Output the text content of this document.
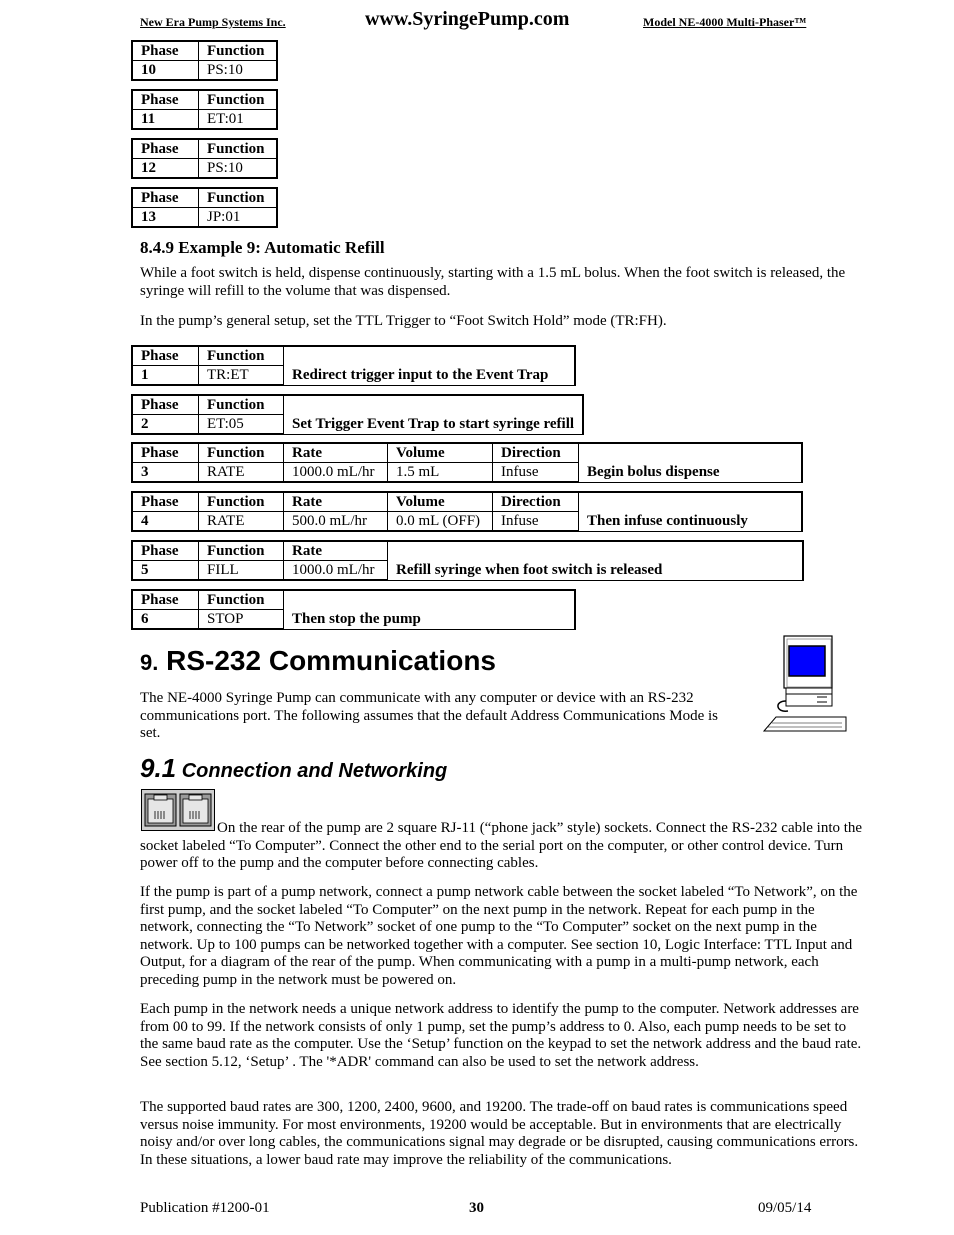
New Era Pump Systems Inc.	www.SyringePump.com	Model NE-4000 Multi-Phaser™
Phase	Function
10	PS:10
Phase	Function
11	ET:01
Phase	Function
12	PS:10
Phase	Function
13	JP:01
8.4.9 Example 9: Automatic Refill

While a foot switch is held, dispense continuously, starting with a 1.5 mL bolus. When the foot switch is released, the syringe will refill to the volume that was dispensed.

In the pump’s general setup, set the TTL Trigger to “Foot Switch Hold” mode (TR:FH).

Phase	Function	Redirect trigger input to the Event Trap
1	TR:ET	
Phase	Function	Set Trigger Event Trap to start syringe refill
2	ET:05	
Phase	Function	Rate	Volume	Direction	Begin bolus dispense
3	RATE	1000.0 mL/hr	1.5 mL	Infuse	
Phase	Function	Rate	Volume	Direction	Then infuse continuously
4	RATE	500.0 mL/hr	0.0 mL (OFF)	Infuse	
Phase	Function	Rate	Refill syringe when foot switch is released
5	FILL	1000.0 mL/hr	
Phase	Function	Then stop the pump
6	STOP	
9. RS-232 Communications

The NE-4000 Syringe Pump can communicate with any computer or device with an RS-232 communications port. The following assumes that the default Address Communications Mode is set.

9.1 Connection and Networking

On the rear of the pump are 2 square RJ-11 (“phone jack” style) sockets. Connect the RS-232 cable into the socket labeled “To Computer”. Connect the other end to the serial port on the computer, or other control device. Turn power off to the pump and the computer before connecting cables.

If the pump is part of a pump network, connect a pump network cable between the socket labeled “To Network”, on the first pump, and the socket labeled “To Computer” on the next pump in the network. Repeat for each pump in the network, connecting the “To Network” socket of one pump to the “To Computer” socket on the next pump in the network. Up to 100 pumps can be networked together with a computer. See section 10, Logic Interface: TTL Input and Output, for a diagram of the rear of the pump. When communicating with a pump in a multi-pump network, each preceding pump in the network must be powered on.

Each pump in the network needs a unique network address to identify the pump to the computer. Network addresses are from 00 to 99. If the network consists of only 1 pump, set the pump’s address to 0. Also, each pump needs to be set to the same baud rate as the computer. Use the ‘Setup’ function on the keypad to set the network address and the baud rate. See section 5.12, ‘Setup’ . The '*ADR' command can also be used to set the network address.

The supported baud rates are 300, 1200, 2400, 9600, and 19200. The trade-off on baud rates is communications speed versus noise immunity. For most environments, 19200 would be acceptable. But in environments that are electrically noisy and/or over long cables, the communications signal may degrade or be disrupted, causing communications errors. In these situations, a lower baud rate may improve the reliability of the communications.

Publication #1200-01	30	09/05/14
